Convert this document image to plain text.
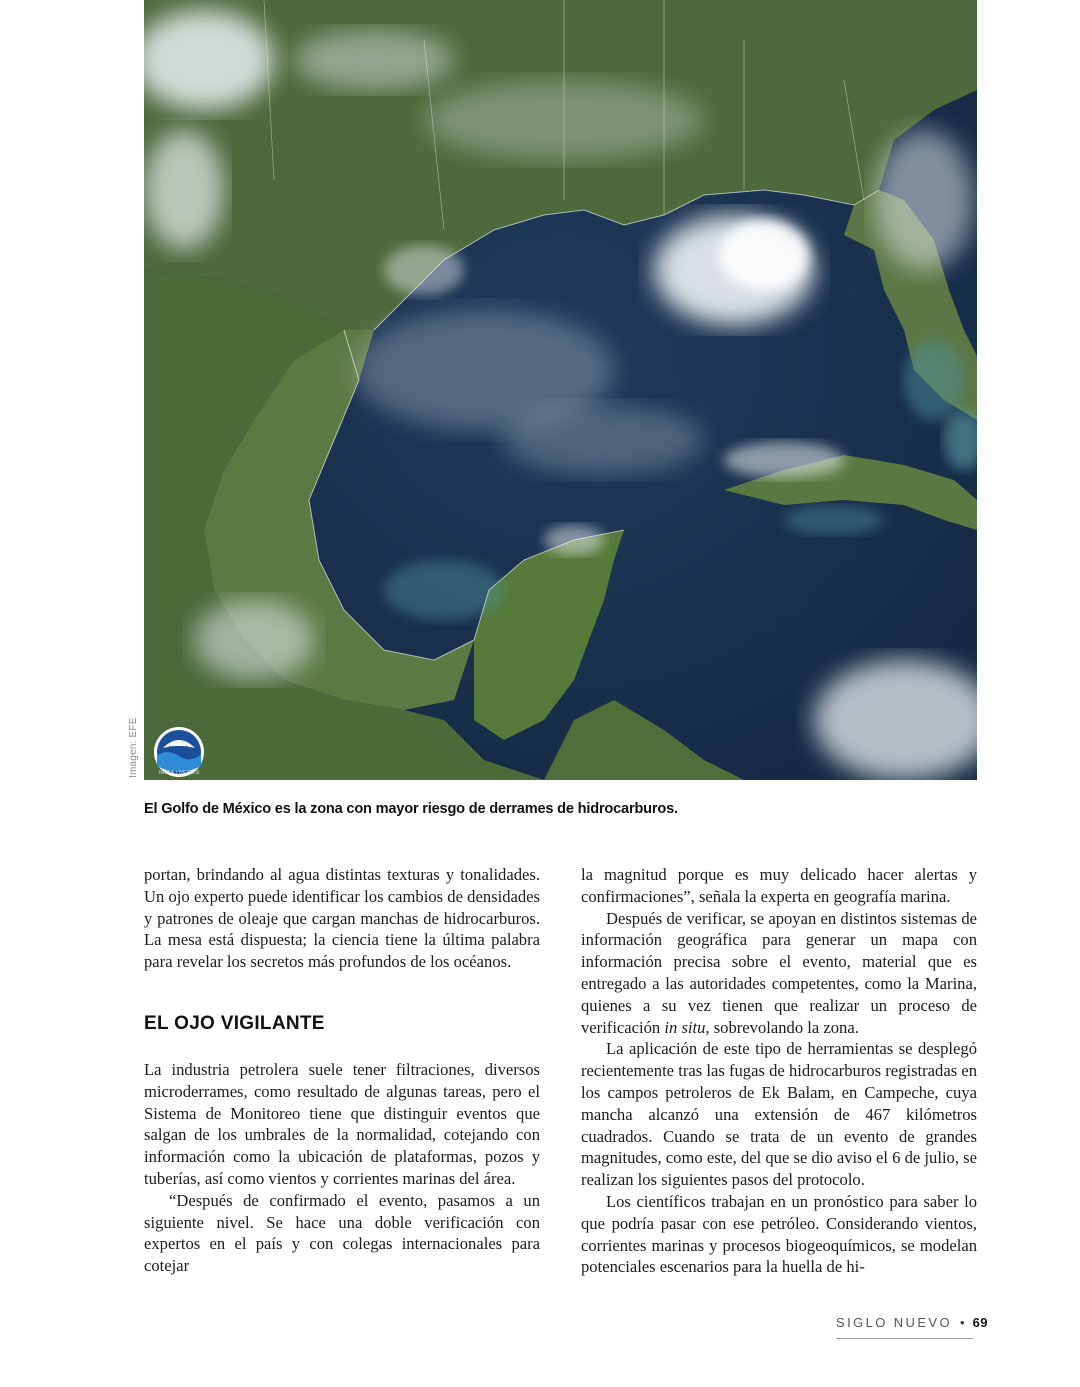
Imagen: EFE	NOAA
NOAA / NESDIS
El Golfo de México es la zona con mayor riesgo de derrames de hidrocarburos.

portan, brindando al agua distintas texturas y tonalidades. Un ojo experto puede identificar los cambios de densidades y patrones de oleaje que cargan manchas de hidrocarburos. La mesa está dispuesta; la ciencia tiene la última palabra para revelar los secretos más profundos de los océanos.

EL OJO VIGILANTE

La industria petrolera suele tener filtraciones, diversos microderrames, como resultado de algunas tareas, pero el Sistema de Monitoreo tiene que distinguir eventos que salgan de los umbrales de la normalidad, cotejando con información como la ubicación de plataformas, pozos y tuberías, así como vientos y corrientes marinas del área.

“Después de confirmado el evento, pasamos a un siguiente nivel. Se hace una doble verificación con expertos en el país y con colegas internacionales para cotejar

la magnitud porque es muy delicado hacer alertas y confirmaciones”, señala la experta en geografía marina.

Después de verificar, se apoyan en distintos sistemas de información geográfica para generar un mapa con información precisa sobre el evento, material que es entregado a las autoridades competentes, como la Marina, quienes a su vez tienen que realizar un proceso de verificación in situ, sobrevolando la zona.

La aplicación de este tipo de herramientas se desplegó recientemente tras las fugas de hidrocarburos registradas en los campos petroleros de Ek Balam, en Campeche, cuya mancha alcanzó una extensión de 467 kilómetros cuadrados. Cuando se trata de un evento de grandes magnitudes, como este, del que se dio aviso el 6 de julio, se realizan los siguientes pasos del protocolo.

Los científicos trabajan en un pronóstico para saber lo que podría pasar con ese petróleo. Considerando vientos, corrientes marinas y procesos biogeoquímicos, se modelan potenciales escenarios para la huella de hi-

SIGLO NUEVO • 69
